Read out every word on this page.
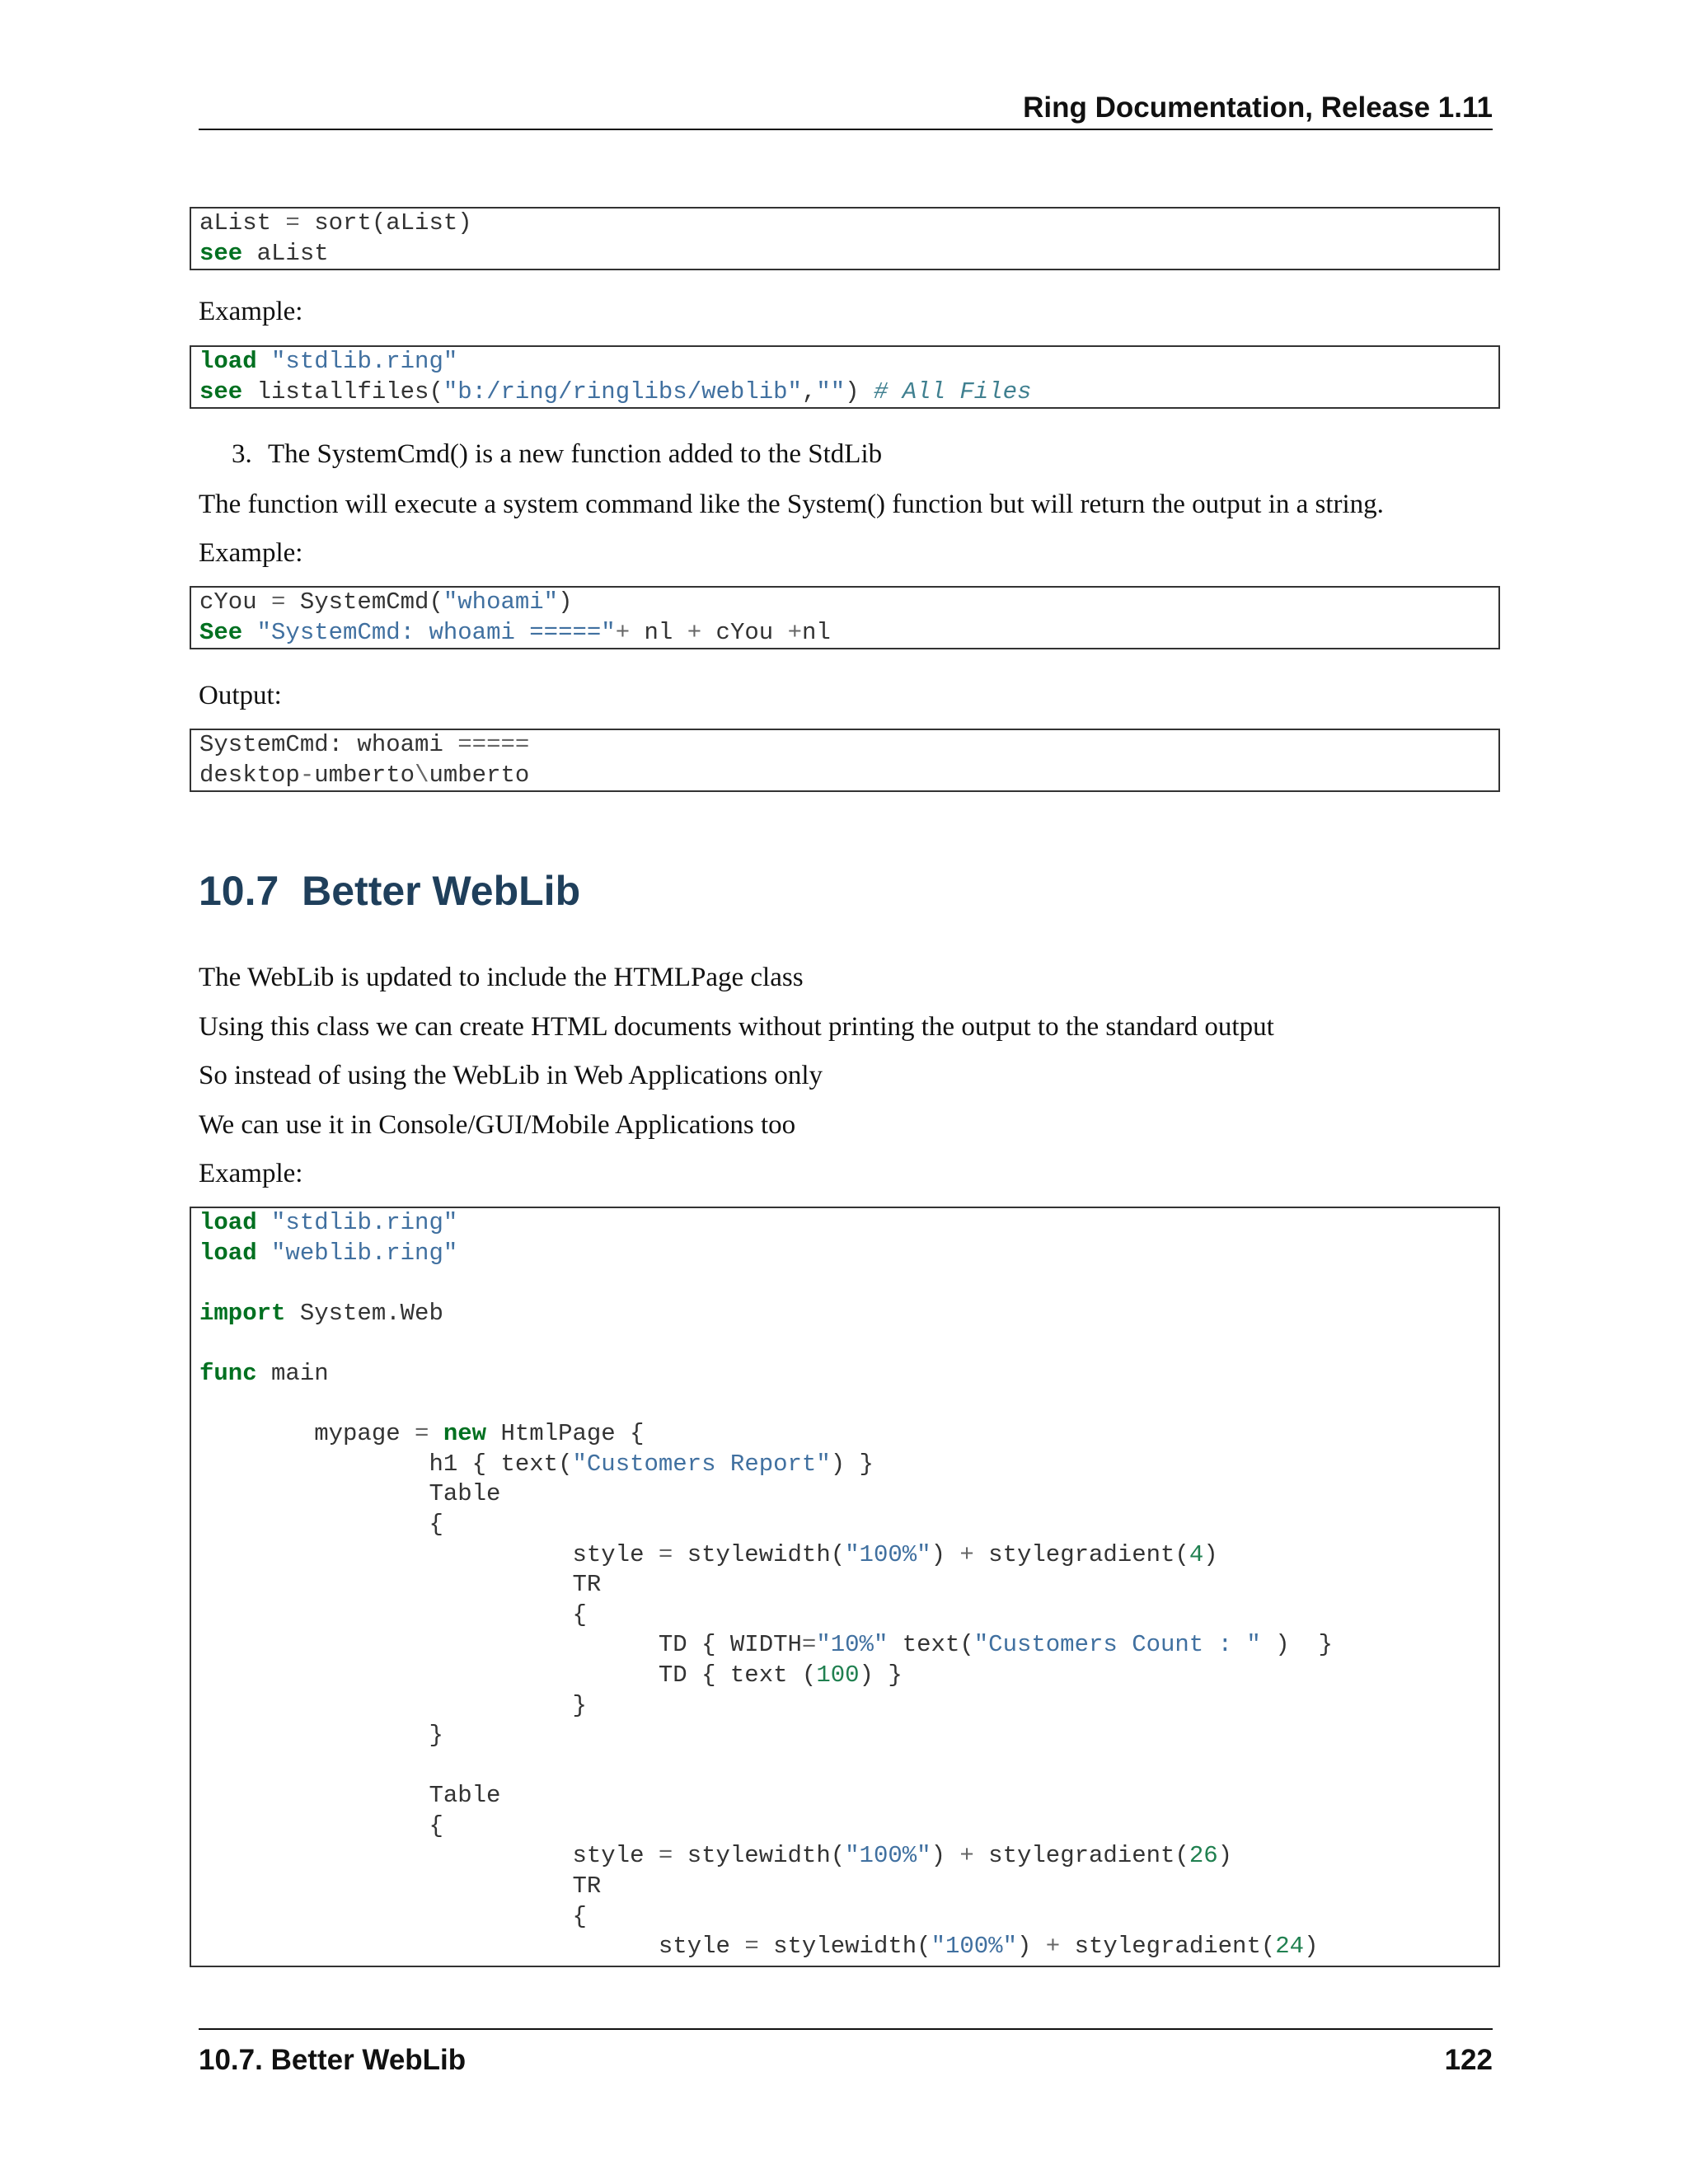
Ring Documentation, Release 1.11
aList = sort(aList)
see aList
Example:
load "stdlib.ring"
see listallfiles("b:/ring/ringlibs/weblib","") # All Files
3. The SystemCmd() is a new function added to the StdLib
The function will execute a system command like the System() function but will return the output in a string.
Example:
cYou = SystemCmd("whoami")
See "SystemCmd: whoami ====="+ nl + cYou +nl
Output:
SystemCmd: whoami =====
desktop-umberto\umberto
10.7 Better WebLib
The WebLib is updated to include the HTMLPage class
Using this class we can create HTML documents without printing the output to the standard output
So instead of using the WebLib in Web Applications only
We can use it in Console/GUI/Mobile Applications too
Example:
load "stdlib.ring"
load "weblib.ring"
import System.Web
func main
mypage = new HtmlPage {
h1 { text("Customers Report") }
Table
{
style = stylewidth("100%") + stylegradient(4)
TR
{
TD { WIDTH="10%" text("Customers Count : " )  }
TD { text (100) }
}
}
Table
{
style = stylewidth("100%") + stylegradient(26)
TR
{
style = stylewidth("100%") + stylegradient(24)
10.7. Better WebLib	122
